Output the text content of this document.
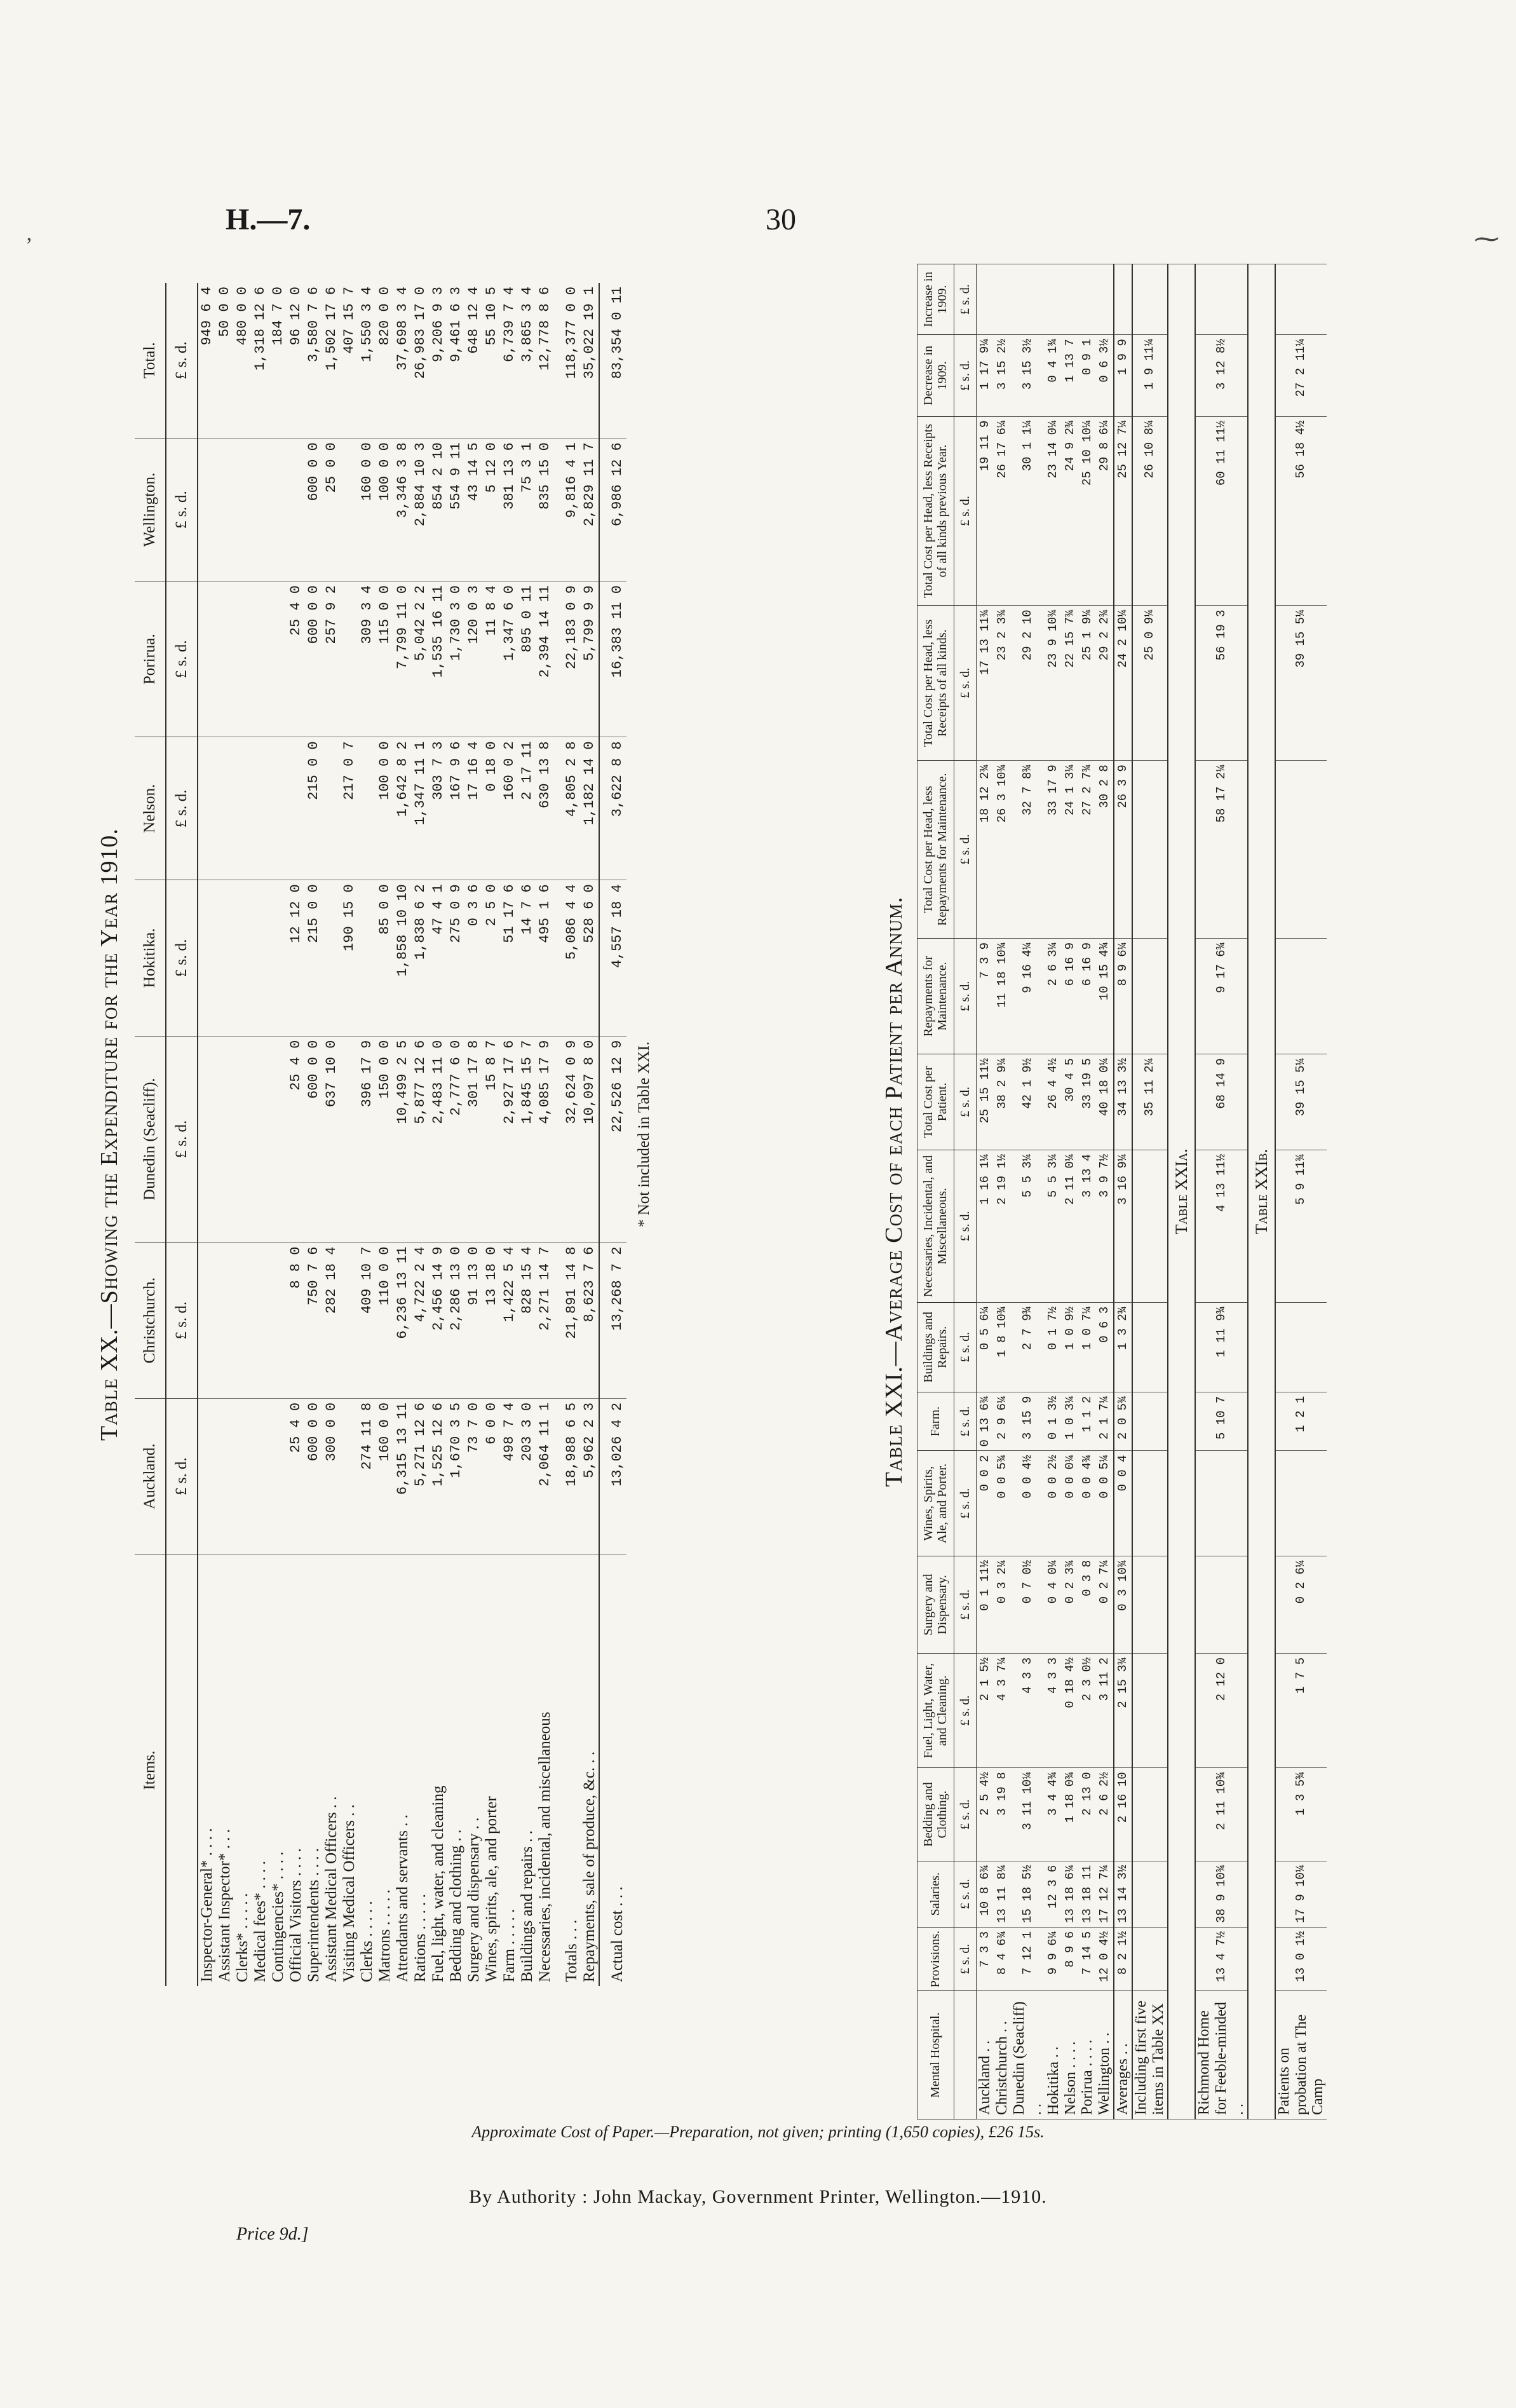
H.—7.	30
ʼ	⁓
Table XX.—Showing the Expenditure for the Year 1910.
Items.	Auckland.	Christchurch.	Dunedin (Seacliff).	Hokitika.	Nelson.	Porirua.	Wellington.	Total.
	£ s. d.	£ s. d.	£ s. d.	£ s. d.	£ s. d.	£ s. d.	£ s. d.	£ s. d.
Inspector-General* . . . .								949 6 4
Assistant Inspector* . . .								50 0 0
Clerks* . . . . .								480 0 0
Medical fees* . . . .								1,318 12 6
Contingencies* . . . .								184 7 0
Official Visitors . . . .	25 4 0	8 8 0	25 4 0	12 12 0		25 4 0		96 12 0
Superintendents . . . .	600 0 0	750 7 6	600 0 0	215 0 0	215 0 0	600 0 0	600 0 0	3,580 7 6
Assistant Medical Officers . .	300 0 0	282 18 4	637 10 0			257 9 2	25 0 0	1,502 17 6
Visiting Medical Officers . .				190 15 0	217 0 7			407 15 7
Clerks . . . . .	274 11 8	409 10 7	396 17 9			309 3 4	160 0 0	1,550 3 4
Matrons . . . . .	160 0 0	110 0 0	150 0 0	85 0 0	100 0 0	115 0 0	100 0 0	820 0 0
Attendants and servants . .	6,315 13 11	6,236 13 11	10,499 2 5	1,858 10 10	1,642 8 2	7,799 11 0	3,346 3 8	37,698 3 4
Rations . . . . .	5,271 12 6	4,722 2 4	5,877 12 6	1,838 6 2	1,347 11 1	5,042 2 2	2,884 10 3	26,983 17 0
Fuel, light, water, and cleaning	1,525 12 6	2,456 14 9	2,483 11 0	47 4 1	303 7 3	1,535 16 11	854 2 10	9,206 9 3
Bedding and clothing . .	1,670 3 5	2,286 13 0	2,777 6 0	275 0 9	167 9 6	1,730 3 0	554 9 11	9,461 6 3
Surgery and dispensary . .	73 7 0	91 13 0	301 17 8	0 3 6	17 16 4	120 0 3	43 14 5	648 12 4
Wines, spirits, ale, and porter	6 0 0	13 18 0	15 8 7	2 5 0	0 18 0	11 8 4	5 12 0	55 10 5
Farm . . . . .	498 7 4	1,422 5 4	2,927 17 6	51 17 6	160 0 2	1,347 6 0	381 13 6	6,739 7 4
Buildings and repairs . .	203 3 0	828 15 4	1,845 15 7	14 7 6	2 17 11	895 0 11	75 3 1	3,865 3 4
Necessaries, incidental, and miscellaneous	2,064 11 1	2,271 14 7	4,085 17 9	495 1 6	630 13 8	2,394 14 11	835 15 0	12,778 8 6
Totals . . .	18,988 6 5	21,891 14 8	32,624 0 9	5,086 4 4	4,805 2 8	22,183 0 9	9,816 4 1	118,377 0 0
Repayments, sale of produce, &c. . .	5,962 2 3	8,623 7 6	10,097 8 0	528 6 0	1,182 14 0	5,799 9 9	2,829 11 7	35,022 19 1
Actual cost . . .	13,026 4 2	13,268 7 2	22,526 12 9	4,557 18 4	3,622 8 8	16,383 11 0	6,986 12 6	83,354 0 11
* Not included in Table XXI.	Table XXI.—Average Cost of each Patient per Annum.
Mental Hospital.	Provisions.	Salaries.	Bedding and Clothing.	Fuel, Light, Water, and Cleaning.	Surgery and Dispensary.	Wines, Spirits, Ale, and Porter.	Farm.	Buildings and Repairs.	Necessaries, Incidental, and Miscellaneous.	Total Cost per Patient.	Repayments for Maintenance.	Total Cost per Head, less Repayments for Maintenance.	Total Cost per Head, less Receipts of all kinds.	Total Cost per Head, less Receipts of all kinds previous Year.	Decrease in 1909.	Increase in 1909.
	£ s. d.	£ s. d.	£ s. d.	£ s. d.	£ s. d.	£ s. d.	£ s. d.	£ s. d.	£ s. d.	£ s. d.	£ s. d.	£ s. d.	£ s. d.	£ s. d.	£ s. d.	£ s. d.
Auckland . .	7 3 3	10 8 6¾	2 5 4½	2 1 5½	0 1 11½	0 0 2	0 13 6¾	0 5 6¼	1 16 1¼	25 15 11½	7 3 9	18 12 2¾	17 13 11¾	19 11 9	1 17 9¼	
Christchurch . .	8 4 6¾	13 11 8¼	3 19 8	4 3 7¼	0 3 2¼	0 0 5¾	2 9 6¼	1 8 10¾	2 19 1½	38 2 9¼	11 18 10¾	26 3 10¾	23 2 3¾	26 17 6¼	3 15 2½	
Dunedin (Seacliff) . .	7 12 1	15 18 5½	3 11 10¼	4 3 3	0 7 0½	0 0 4½	3 15 9	2 7 9¾	5 5 3¼	42 1 9½	9 16 4¼	32 7 8¾	29 2 10	30 1 1¼	3 15 3½	
Hokitika . .	9 9 6¼	12 3 6	3 4 4¾	4 3 3	0 4 0¼	0 0 2½	0 1 3½	0 1 7½	5 5 3¼	26 4 4½	2 6 3¼	33 17 9	23 9 10¾	23 14 0¼	0 4 1¾	
Nelson . . . .	8 9 6	13 18 6¼	1 18 0¾	0 18 4½	0 2 3¾	0 0 0¼	1 0 3¼	1 0 9½	2 11 0¼	30 4 5	6 16 9	24 1 3¼	22 15 7¾	24 9 2¾	1 13 7	
Porirua . . . .	7 14 5	13 18 11	2 13 0	2 3 0½	0 3 8	0 0 4¾	1 1 2	1 0 7¼	3 13 4	33 19 5	6 16 9	27 2 7¾	25 1 9¼	25 10 10¼	0 9 1	
Wellington . .	12 0 4½	17 12 7¼	2 6 2½	3 11 2	0 2 7¼	0 0 5¼	2 1 7¼	0 6 3	3 9 7½	40 18 0¼	10 15 4¾	30 2 8	29 2 2¾	29 8 6¼	0 6 3½	
Averages . .	8 2 1½	13 14 3½	2 16 10	2 15 3¾	0 3 10¾	0 0 4	2 0 5¾	1 3 2¾	3 16 9¼	34 13 3½	8 9 6¼	26 3 9	24 2 10¼	25 12 7¼	1 9 9	
Including first five items in Table XX										35 11 2¼			25 0 9¼	26 10 8¼	1 9 11¼	
Table XXIa.																
Richmond Home for Feeble-minded . .	13 4 7½	38 9 10¾	2 11 10¾	2 12 0			5 10 7	1 11 9¾	4 13 11½	68 14 9	9 17 6¾	58 17 2¼	56 19 3	60 11 11½	3 12 8½	
Table XXIb.																
Patients on probation at The Camp	13 0 1½	17 9 10¼	1 3 5¾	1 7 5	0 2 6¼		1 2 1		5 9 11¾	39 15 5¼			39 15 5¼	56 18 4½	27 2 11¼	
Approximate Cost of Paper.—Preparation, not given; printing (1,650 copies), £26 15s.
By Authority : John Mackay, Government Printer, Wellington.—1910.
Price 9d.]
